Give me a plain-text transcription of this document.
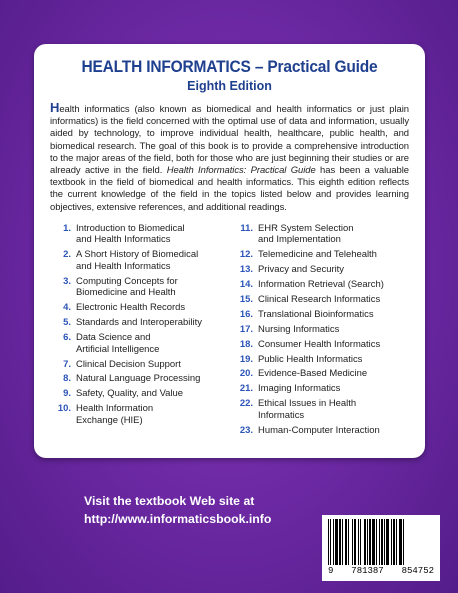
HEALTH INFORMATICS – Practical Guide
Eighth Edition
Health informatics (also known as biomedical and health informatics or just plain informatics) is the field concerned with the optimal use of data and information, usually aided by technology, to improve individual health, healthcare, public health, and biomedical research. The goal of this book is to provide a comprehensive introduction to the major areas of the field, both for those who are just beginning their studies or are already active in the field. Health Informatics: Practical Guide has been a valuable textbook in the field of biomedical and health informatics. This eighth edition reflects the current knowledge of the field in the topics listed below and provides learning objectives, extensive references, and additional readings.
1. Introduction to Biomedical
and Health Informatics
2. A Short History of Biomedical
and Health Informatics
3. Computing Concepts for
Biomedicine and Health
4. Electronic Health Records
5. Standards and Interoperability
6. Data Science and
Artificial Intelligence
7. Clinical Decision Support
8. Natural Language Processing
9. Safety, Quality, and Value
10. Health Information
Exchange (HIE)
11. EHR System Selection
and Implementation
12. Telemedicine and Telehealth
13. Privacy and Security
14. Information Retrieval (Search)
15. Clinical Research Informatics
16. Translational Bioinformatics
17. Nursing Informatics
18. Consumer Health Informatics
19. Public Health Informatics
20. Evidence-Based Medicine
21. Imaging Informatics
22. Ethical Issues in Health
Informatics
23. Human-Computer Interaction
Visit the textbook Web site at
http://www.informaticsbook.info
9 781387 854752
